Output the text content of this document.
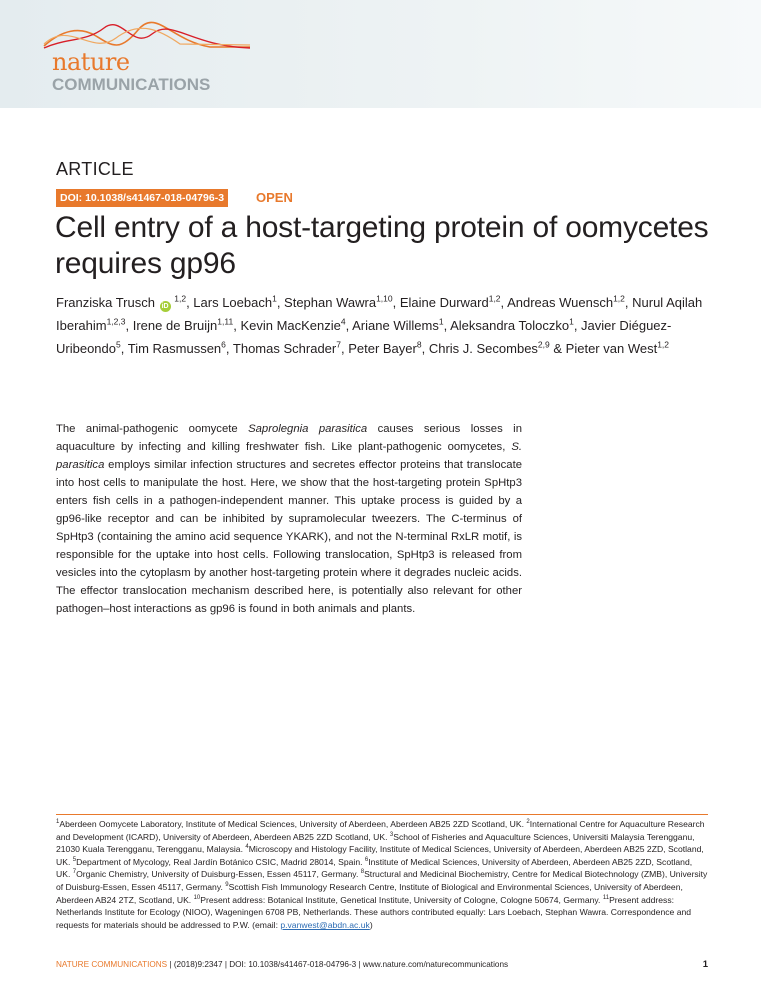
nature
COMMUNICATIONS
ARTICLE
DOI: 10.1038/s41467-018-04796-3	OPEN
Cell entry of a host-targeting protein of oomycetes requires gp96
Franziska Trusch iD $^{1,2}$, Lars Loebach$^1$, Stephan Wawra$^{1,10}$, Elaine Durward$^{1,2}$, Andreas Wuensch$^{1,2}$, Nurul Aqilah Iberahim$^{1,2,3}$, Irene de Bruijn$^{1,11}$, Kevin MacKenzie$^4$, Ariane Willems$^1$, Aleksandra Toloczko$^1$, Javier Diéguez-Uribeondo$^5$, Tim Rasmussen$^6$, Thomas Schrader$^7$, Peter Bayer$^8$, Chris J. Secombes$^{2,9}$ & Pieter van West$^{1,2}$
The animal-pathogenic oomycete Saprolegnia parasitica causes serious losses in aquaculture by infecting and killing freshwater fish. Like plant-pathogenic oomycetes, S. parasitica employs similar infection structures and secretes effector proteins that translocate into host cells to manipulate the host. Here, we show that the host-targeting protein SpHtp3 enters fish cells in a pathogen-independent manner. This uptake process is guided by a gp96-like receptor and can be inhibited by supramolecular tweezers. The C-terminus of SpHtp3 (containing the amino acid sequence YKARK), and not the N-terminal RxLR motif, is responsible for the uptake into host cells. Following translocation, SpHtp3 is released from vesicles into the cytoplasm by another host-targeting protein where it degrades nucleic acids. The effector translocation mechanism described here, is potentially also relevant for other pathogen–host interactions as gp96 is found in both animals and plants.
$^1$Aberdeen Oomycete Laboratory, Institute of Medical Sciences, University of Aberdeen, Aberdeen AB25 2ZD Scotland, UK. $^2$International Centre for Aquaculture Research and Development (ICARD), University of Aberdeen, Aberdeen AB25 2ZD Scotland, UK. $^3$School of Fisheries and Aquaculture Sciences, Universiti Malaysia Terengganu, 21030 Kuala Terengganu, Terengganu, Malaysia. $^4$Microscopy and Histology Facility, Institute of Medical Sciences, University of Aberdeen, Aberdeen AB25 2ZD, Scotland, UK. $^5$Department of Mycology, Real Jardín Botánico CSIC, Madrid 28014, Spain. $^6$Institute of Medical Sciences, University of Aberdeen, Aberdeen AB25 2ZD, Scotland, UK. $^7$Organic Chemistry, University of Duisburg-Essen, Essen 45117, Germany. $^8$Structural and Medicinal Biochemistry, Centre for Medical Biotechnology (ZMB), University of Duisburg-Essen, Essen 45117, Germany. $^9$Scottish Fish Immunology Research Centre, Institute of Biological and Environmental Sciences, University of Aberdeen, Aberdeen AB24 2TZ, Scotland, UK. $^{10}$Present address: Botanical Institute, Genetical Institute, University of Cologne, Cologne 50674, Germany. $^{11}$Present address: Netherlands Institute for Ecology (NIOO), Wageningen 6708 PB, Netherlands. These authors contributed equally: Lars Loebach, Stephan Wawra. Correspondence and requests for materials should be addressed to P.W. (email: p.vanwest@abdn.ac.uk)
NATURE COMMUNICATIONS | (2018)9:2347 | DOI: 10.1038/s41467-018-04796-3 | www.nature.com/naturecommunications	1
